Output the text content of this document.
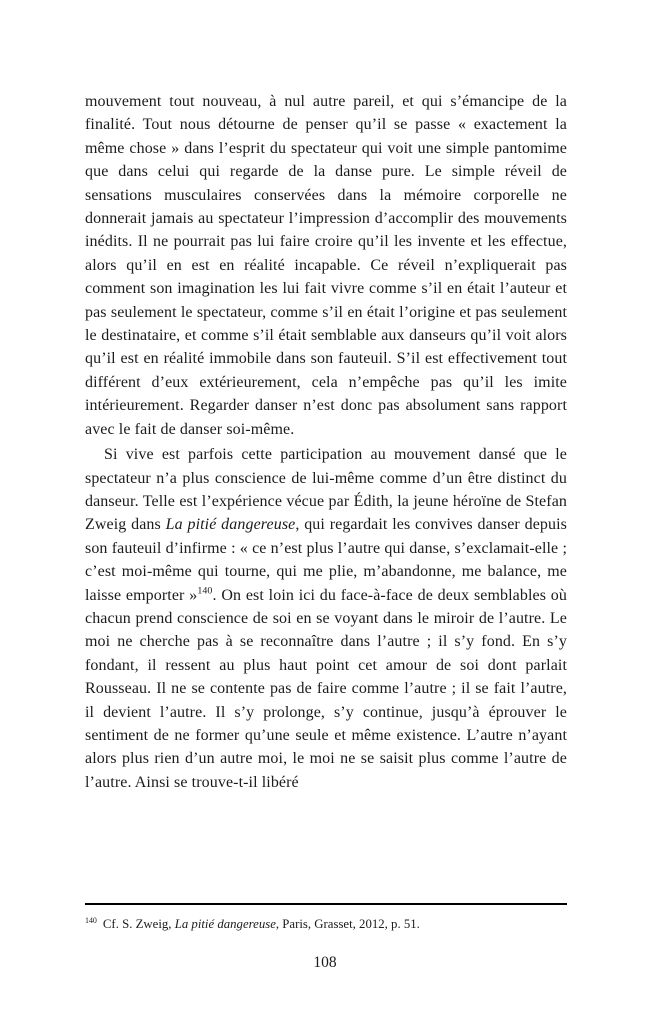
mouvement tout nouveau, à nul autre pareil, et qui s’émancipe de la finalité. Tout nous détourne de penser qu’il se passe « exactement la même chose » dans l’esprit du spectateur qui voit une simple pantomime que dans celui qui regarde de la danse pure. Le simple réveil de sensations musculaires conservées dans la mémoire corporelle ne donnerait jamais au spectateur l’impression d’accomplir des mouvements inédits. Il ne pourrait pas lui faire croire qu’il les invente et les effectue, alors qu’il en est en réalité incapable. Ce réveil n’expliquerait pas comment son imagination les lui fait vivre comme s’il en était l’auteur et pas seulement le spectateur, comme s’il en était l’origine et pas seulement le destinataire, et comme s’il était semblable aux danseurs qu’il voit alors qu’il est en réalité immobile dans son fauteuil. S’il est effectivement tout différent d’eux extérieurement, cela n’empêche pas qu’il les imite intérieurement. Regarder danser n’est donc pas absolument sans rapport avec le fait de danser soi-même.

Si vive est parfois cette participation au mouvement dansé que le spectateur n’a plus conscience de lui-même comme d’un être distinct du danseur. Telle est l’expérience vécue par Édith, la jeune héroïne de Stefan Zweig dans La pitié dangereuse, qui regardait les convives danser depuis son fauteuil d’infirme : « ce n’est plus l’autre qui danse, s’exclamait-elle ; c’est moi-même qui tourne, qui me plie, m’abandonne, me balance, me laisse emporter »$^{140}$. On est loin ici du face-à-face de deux semblables où chacun prend conscience de soi en se voyant dans le miroir de l’autre. Le moi ne cherche pas à se reconnaître dans l’autre ; il s’y fond. En s’y fondant, il ressent au plus haut point cet amour de soi dont parlait Rousseau. Il ne se contente pas de faire comme l’autre ; il se fait l’autre, il devient l’autre. Il s’y prolonge, s’y continue, jusqu’à éprouver le sentiment de ne former qu’une seule et même existence. L’autre n’ayant alors plus rien d’un autre moi, le moi ne se saisit plus comme l’autre de l’autre. Ainsi se trouve-t-il libéré

$^{140}$ Cf. S. Zweig, La pitié dangereuse, Paris, Grasset, 2012, p. 51.

108
